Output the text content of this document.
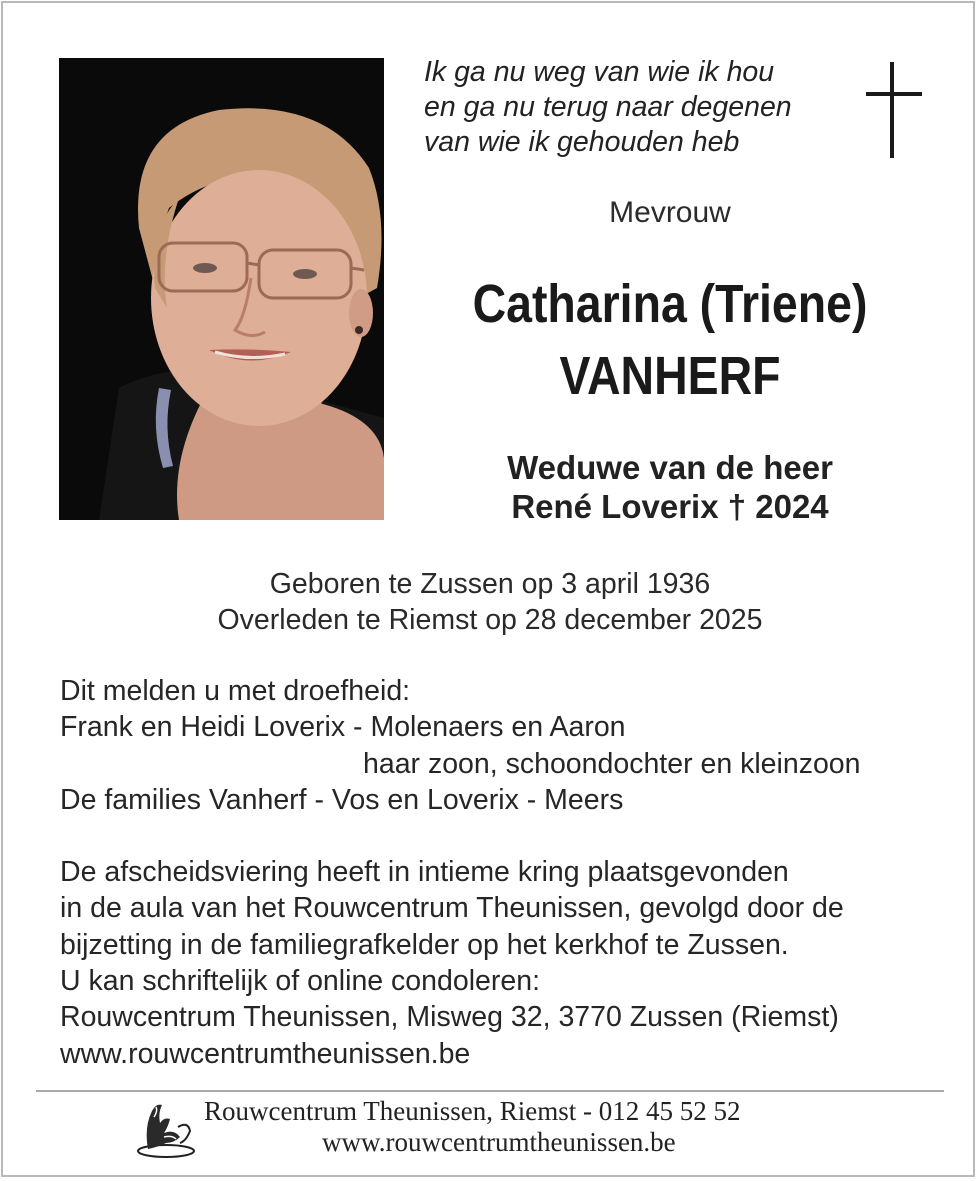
Ik ga nu weg van wie ik hou
en ga nu terug naar degenen
van wie ik gehouden heb
Mevrouw
Catharina (Triene)
VANHERF
Weduwe van de heer
René Loverix † 2024
Geboren te Zussen op 3 april 1936
Overleden te Riemst op 28 december 2025
Dit melden u met droefheid:
Frank en Heidi Loverix - Molenaers en Aaron
haar zoon, schoondochter en kleinzoon
De families Vanherf - Vos en Loverix - Meers
De afscheidsviering heeft in intieme kring plaatsgevonden
in de aula van het Rouwcentrum Theunissen, gevolgd door de
bijzetting in de familiegrafkelder op het kerkhof te Zussen.
U kan schriftelijk of online condoleren:
Rouwcentrum Theunissen, Misweg 32, 3770 Zussen (Riemst)
www.rouwcentrumtheunissen.be
Rouwcentrum Theunissen, Riemst - 012 45 52 52
www.rouwcentrumtheunissen.be
